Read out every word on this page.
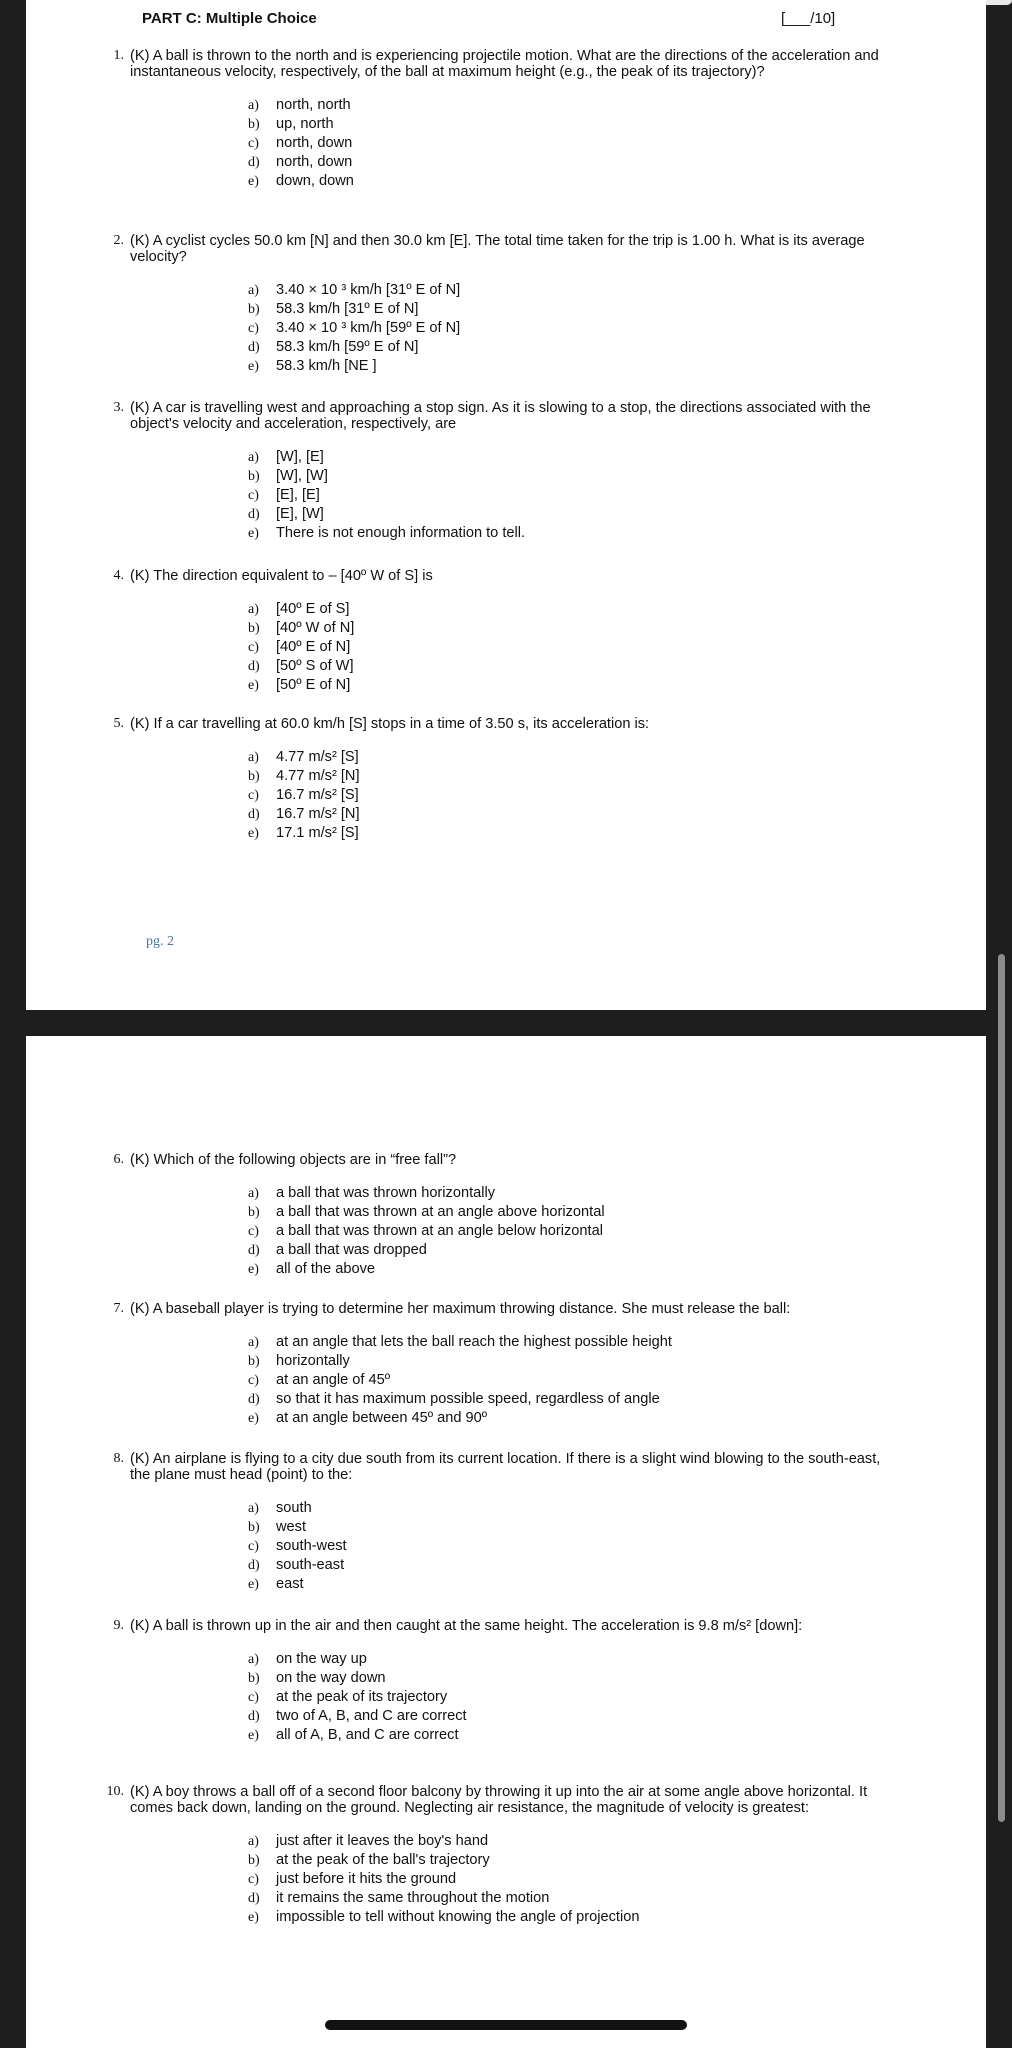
PART C: Multiple Choice	[___/10]
1. (K) A ball is thrown to the north and is experiencing projectile motion. What are the directions of the acceleration and instantaneous velocity, respectively, of the ball at maximum height (e.g., the peak of its trajectory)?
a) north, north
b) up, north
c) north, down
d) north, down
e) down, down
2. (K) A cyclist cycles 50.0 km [N] and then 30.0 km [E]. The total time taken for the trip is 1.00 h. What is its average velocity?
a) 3.40 × 10 ³ km/h [31º E of N]
b) 58.3 km/h [31º E of N]
c) 3.40 × 10 ³ km/h [59º E of N]
d) 58.3 km/h [59º E of N]
e) 58.3 km/h [NE ]
3. (K) A car is travelling west and approaching a stop sign. As it is slowing to a stop, the directions associated with the object's velocity and acceleration, respectively, are
a) [W], [E]
b) [W], [W]
c) [E], [E]
d) [E], [W]
e) There is not enough information to tell.
4. (K) The direction equivalent to – [40º W of S] is
a) [40º E of S]
b) [40º W of N]
c) [40º E of N]
d) [50º S of W]
e) [50º E of N]
5. (K) If a car travelling at 60.0 km/h [S] stops in a time of 3.50 s, its acceleration is:
a) 4.77 m/s² [S]
b) 4.77 m/s² [N]
c) 16.7 m/s² [S]
d) 16.7 m/s² [N]
e) 17.1 m/s² [S]
pg. 2
6. (K) Which of the following objects are in “free fall”?
a) a ball that was thrown horizontally
b) a ball that was thrown at an angle above horizontal
c) a ball that was thrown at an angle below horizontal
d) a ball that was dropped
e) all of the above
7. (K) A baseball player is trying to determine her maximum throwing distance. She must release the ball:
a) at an angle that lets the ball reach the highest possible height
b) horizontally
c) at an angle of 45º
d) so that it has maximum possible speed, regardless of angle
e) at an angle between 45º and 90º
8. (K) An airplane is flying to a city due south from its current location. If there is a slight wind blowing to the south-east, the plane must head (point) to the:
a) south
b) west
c) south-west
d) south-east
e) east
9. (K) A ball is thrown up in the air and then caught at the same height. The acceleration is 9.8 m/s² [down]:
a) on the way up
b) on the way down
c) at the peak of its trajectory
d) two of A, B, and C are correct
e) all of A, B, and C are correct
10. (K) A boy throws a ball off of a second floor balcony by throwing it up into the air at some angle above horizontal. It comes back down, landing on the ground. Neglecting air resistance, the magnitude of velocity is greatest:
a) just after it leaves the boy's hand
b) at the peak of the ball's trajectory
c) just before it hits the ground
d) it remains the same throughout the motion
e) impossible to tell without knowing the angle of projection
